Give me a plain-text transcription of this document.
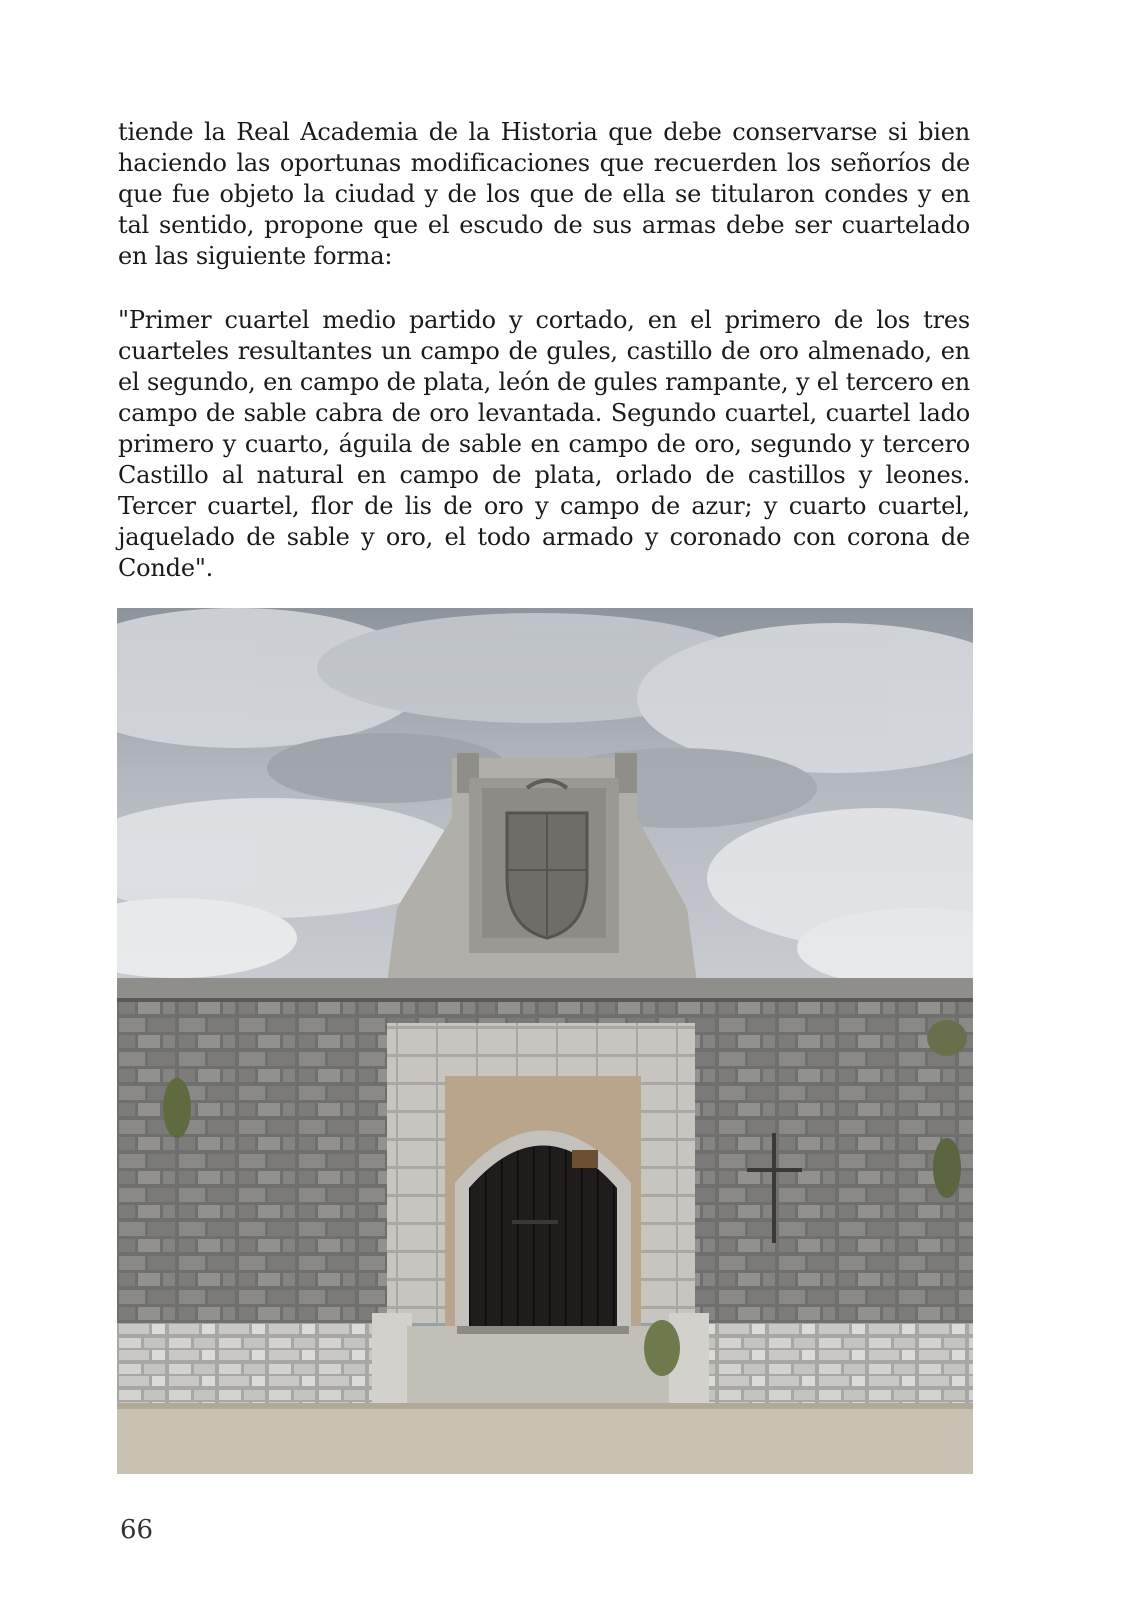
tiende la Real Academia de la Historia que debe conservarse si bien haciendo las oportunas modificaciones que recuerden los señoríos de que fue objeto la ciudad y de los que de ella se titularon condes y en tal sentido, propone que el escudo de sus armas debe ser cuartelado en las siguiente forma:
"Primer cuartel medio partido y cortado, en el primero de los tres cuarteles resultantes un campo de gules, castillo de oro almenado, en el segundo, en campo de plata, león de gules rampante, y el tercero en campo de sable cabra de oro levantada. Segundo cuartel, cuartel lado primero y cuarto, águila de sable en campo de oro, segundo y tercero Castillo al natural en campo de plata, orlado de castillos y leones. Tercer cuartel, flor de lis de oro y campo de azur; y cuarto cuartel, jaquelado de sable y oro, el todo armado y coronado con corona de Conde".
66
